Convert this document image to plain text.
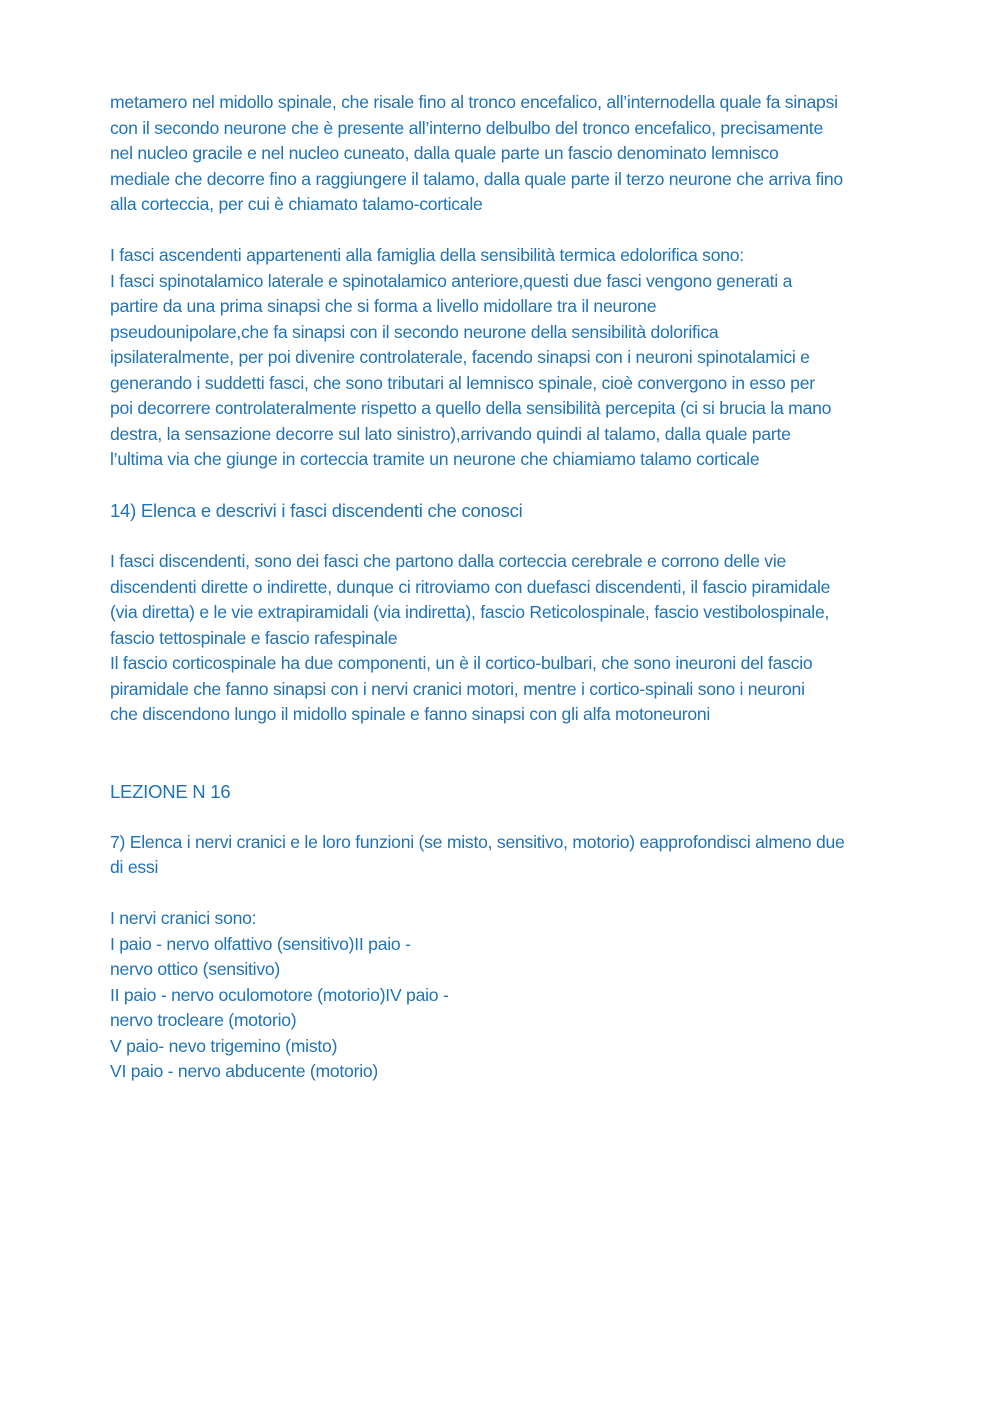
metamero nel midollo spinale, che risale fino al tronco encefalico, all’internodella quale fa sinapsi
con il secondo neurone che è presente all’interno delbulbo del tronco encefalico, precisamente
nel nucleo gracile e nel nucleo cuneato, dalla quale parte un fascio denominato lemnisco
mediale che decorre fino a raggiungere il talamo, dalla quale parte il terzo neurone che arriva fino
alla corteccia, per cui è chiamato talamo-corticale
I fasci ascendenti appartenenti alla famiglia della sensibilità termica edolorifica sono:
I fasci spinotalamico laterale e spinotalamico anteriore,questi due fasci vengono generati a
partire da una prima sinapsi che si forma a livello midollare tra il neurone
pseudounipolare,che fa sinapsi con il secondo neurone della sensibilità dolorifica
ipsilateralmente, per poi divenire controlaterale, facendo sinapsi con i neuroni spinotalamici e
generando i suddetti fasci, che sono tributari al lemnisco spinale, cioè convergono in esso per
poi decorrere controlateralmente rispetto a quello della sensibilità percepita (ci si brucia la mano
destra, la sensazione decorre sul lato sinistro),arrivando quindi al talamo, dalla quale parte
l’ultima via che giunge in corteccia tramite un neurone che chiamiamo talamo corticale
14) Elenca e descrivi i fasci discendenti che conosci
I fasci discendenti, sono dei fasci che partono dalla corteccia cerebrale e corrono delle vie
discendenti dirette o indirette, dunque ci ritroviamo con duefasci discendenti, il fascio piramidale
(via diretta) e le vie extrapiramidali (via indiretta), fascio Reticolospinale, fascio vestibolospinale,
fascio tettospinale e fascio rafespinale
Il fascio corticospinale ha due componenti, un è il cortico-bulbari, che sono ineuroni del fascio
piramidale che fanno sinapsi con i nervi cranici motori, mentre i cortico-spinali sono i neuroni
che discendono lungo il midollo spinale e fanno sinapsi con gli alfa motoneuroni
LEZIONE N 16
7) Elenca i nervi cranici e le loro funzioni (se misto, sensitivo, motorio) eapprofondisci almeno due
di essi
I nervi cranici sono:
I paio - nervo olfattivo (sensitivo)II paio -
nervo ottico (sensitivo)
II paio - nervo oculomotore (motorio)IV paio -
nervo trocleare (motorio)
V paio- nevo trigemino (misto)
VI paio - nervo abducente (motorio)
